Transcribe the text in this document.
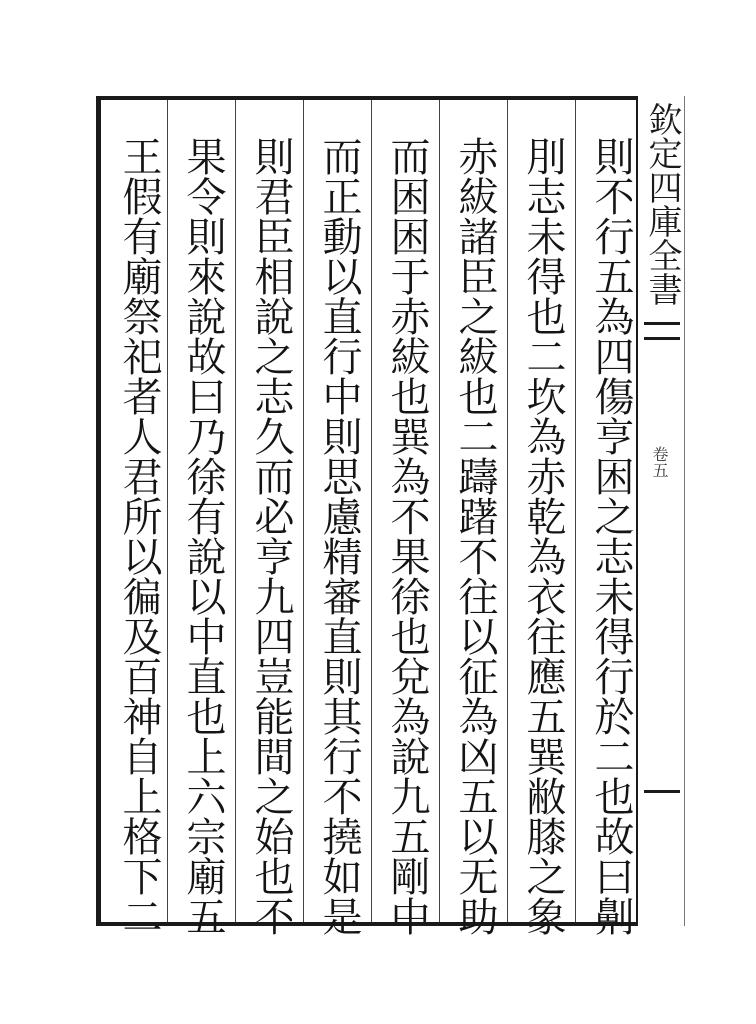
則不行五為四傷亨困之志未得行於二也故曰劓
刖志未得也二坎為赤乾為衣往應五巽敝膝之象
赤紱諸臣之紱也二躊躇不往以征為凶五以无助
而困困于赤紱也巽為不果徐也兌為說九五剛中
而正動以直行中則思慮精審直則其行不撓如是
則君臣相說之志久而必亨九四豈能間之始也不
果令則來說故曰乃徐有說以中直也上六宗廟五
王假有廟祭祀者人君所以徧及百神自上格下二	欽定四庫全書
卷五
